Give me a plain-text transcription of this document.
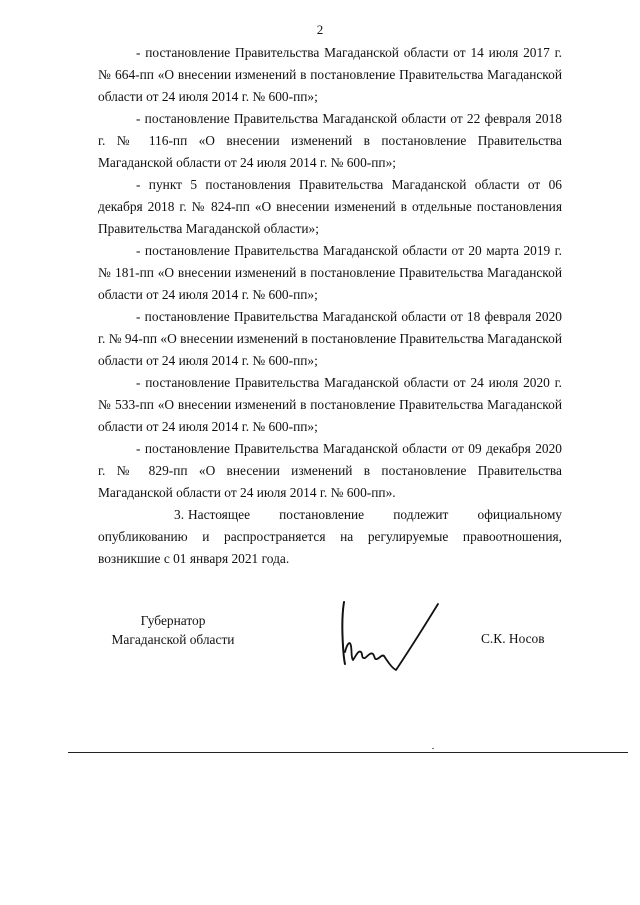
2

- постановление Правительства Магаданской области от 14 июля 2017 г. № 664-пп «О внесении изменений в постановление Правительства Магаданской области от 24 июля 2014 г. № 600-пп»;

- постановление Правительства Магаданской области от 22 февраля 2018 г. № 116-пп «О внесении изменений в постановление Правительства Магаданской области от 24 июля 2014 г. № 600-пп»;

- пункт 5 постановления Правительства Магаданской области от 06 декабря 2018 г. № 824-пп «О внесении изменений в отдельные постановления Правительства Магаданской области»;

- постановление Правительства Магаданской области от 20 марта 2019 г. № 181-пп «О внесении изменений в постановление Правительства Магаданской области от 24 июля 2014 г. № 600-пп»;

- постановление Правительства Магаданской области от 18 февраля 2020 г. № 94-пп «О внесении изменений в постановление Правительства Магаданской области от 24 июля 2014 г. № 600-пп»;

- постановление Правительства Магаданской области от 24 июля 2020 г. № 533-пп «О внесении изменений в постановление Правительства Магаданской области от 24 июля 2014 г. № 600-пп»;

- постановление Правительства Магаданской области от 09 декабря 2020 г. № 829-пп «О внесении изменений в постановление Правительства Магаданской области от 24 июля 2014 г. № 600-пп».

3. Настоящее постановление подлежит официальному опубликованию и распространяется на регулируемые правоотношения, возникшие с 01 января 2021 года.

Губернатор
Магаданской области	С.К. Носов
